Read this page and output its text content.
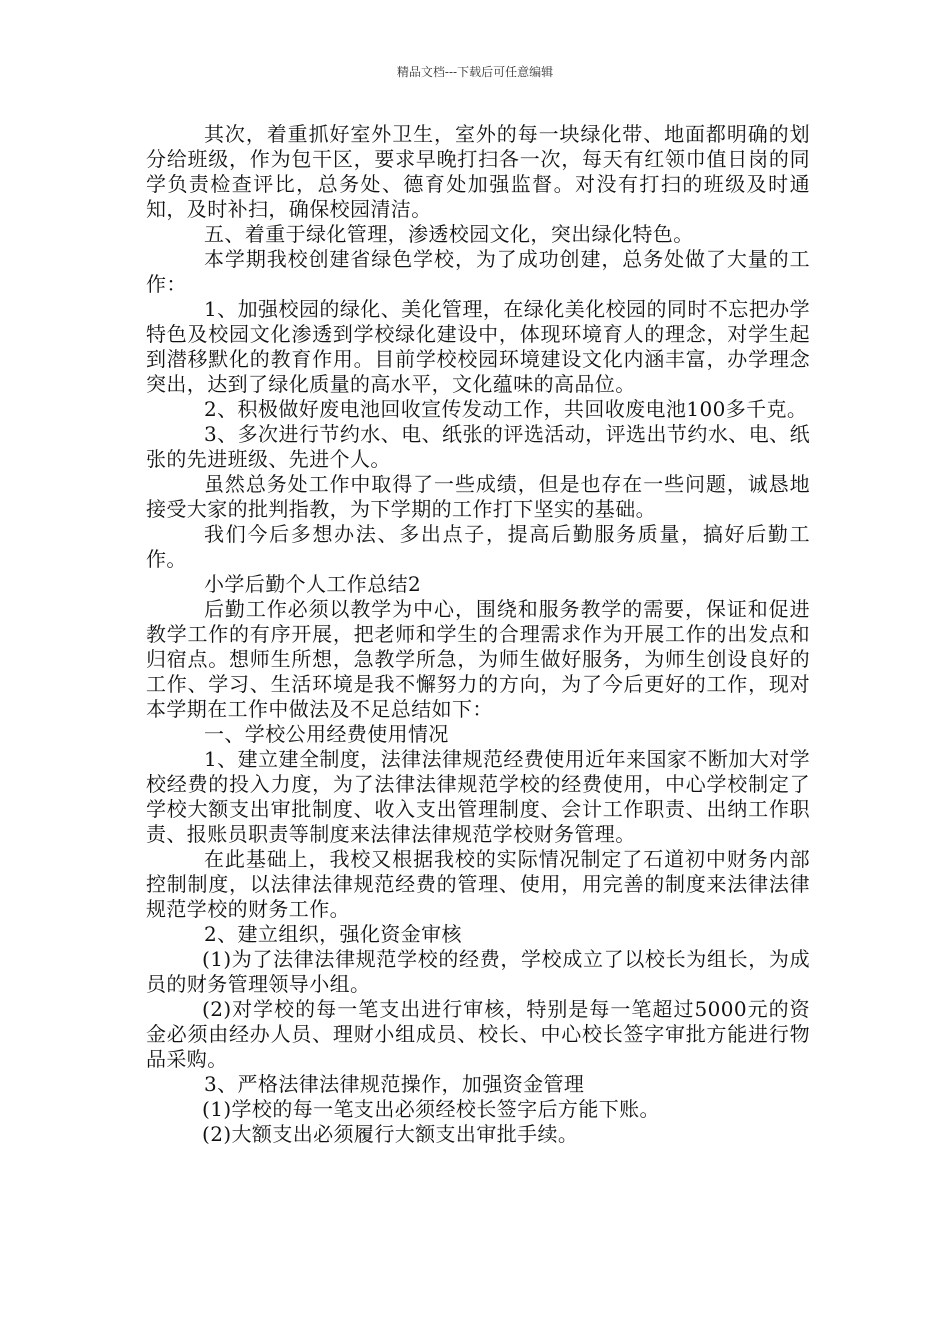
精品文档---下载后可任意编辑

其次，着重抓好室外卫生，室外的每一块绿化带、地面都明确的划分给班级，作为包干区，要求早晚打扫各一次，每天有红领巾值日岗的同学负责检查评比，总务处、德育处加强监督。对没有打扫的班级及时通知，及时补扫，确保校园清洁。

五、着重于绿化管理，渗透校园文化，突出绿化特色。

本学期我校创建省绿色学校，为了成功创建，总务处做了大量的工作：

1、加强校园的绿化、美化管理，在绿化美化校园的同时不忘把办学特色及校园文化渗透到学校绿化建设中，体现环境育人的理念，对学生起到潜移默化的教育作用。目前学校校园环境建设文化内涵丰富，办学理念突出，达到了绿化质量的高水平，文化蕴味的高品位。

2、积极做好废电池回收宣传发动工作，共回收废电池100多千克。

3、多次进行节约水、电、纸张的评选活动，评选出节约水、电、纸张的先进班级、先进个人。

虽然总务处工作中取得了一些成绩，但是也存在一些问题，诚恳地接受大家的批判指教，为下学期的工作打下坚实的基础。

我们今后多想办法、多出点子，提高后勤服务质量，搞好后勤工作。

小学后勤个人工作总结2

后勤工作必须以教学为中心，围绕和服务教学的需要，保证和促进教学工作的有序开展，把老师和学生的合理需求作为开展工作的出发点和归宿点。想师生所想，急教学所急，为师生做好服务，为师生创设良好的工作、学习、生活环境是我不懈努力的方向，为了今后更好的工作，现对本学期在工作中做法及不足总结如下：

一、学校公用经费使用情况

1、建立建全制度，法律法律规范经费使用近年来国家不断加大对学校经费的投入力度，为了法律法律规范学校的经费使用，中心学校制定了学校大额支出审批制度、收入支出管理制度、会计工作职责、出纳工作职责、报账员职责等制度来法律法律规范学校财务管理。

在此基础上，我校又根据我校的实际情况制定了石道初中财务内部控制制度，以法律法律规范经费的管理、使用，用完善的制度来法律法律规范学校的财务工作。

2、建立组织，强化资金审核

(1)为了法律法律规范学校的经费，学校成立了以校长为组长，为成员的财务管理领导小组。

(2)对学校的每一笔支出进行审核，特别是每一笔超过5000元的资金必须由经办人员、理财小组成员、校长、中心校长签字审批方能进行物品采购。

3、严格法律法律规范操作，加强资金管理

(1)学校的每一笔支出必须经校长签字后方能下账。

(2)大额支出必须履行大额支出审批手续。
